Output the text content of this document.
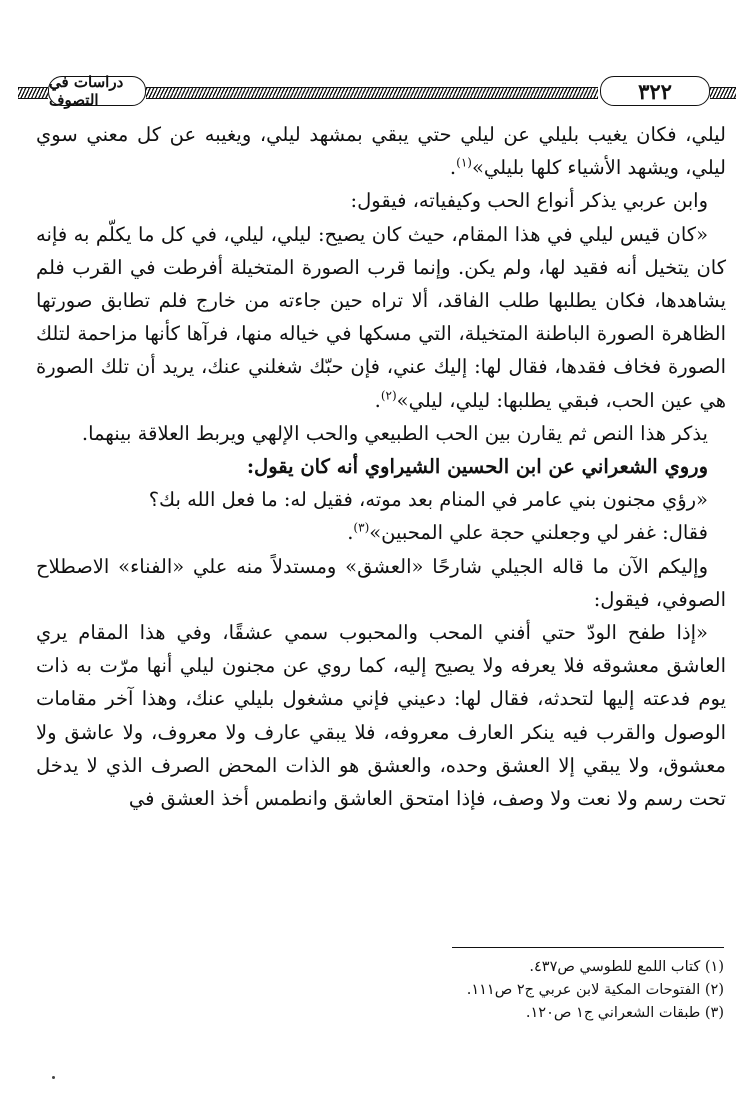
دراسات في التصوف	٣٢٢

ليلي، فكان يغيب بليلي عن ليلي حتي يبقي بمشهد ليلي، ويغيبه عن كل معني سوي ليلي، ويشهد الأشياء كلها بليلي»$^{(١)}$.

وابن عربي يذكر أنواع الحب وكيفياته، فيقول:

«كان قيس ليلي في هذا المقام، حيث كان يصيح: ليلي، ليلي، في كل ما يكلّم به فإنه كان يتخيل أنه فقيد لها، ولم يكن. وإنما قرب الصورة المتخيلة أفرطت في القرب فلم يشاهدها، فكان يطلبها طلب الفاقد، ألا تراه حين جاءته من خارج فلم تطابق صورتها الظاهرة الصورة الباطنة المتخيلة، التي مسكها في خياله منها، فرآها كأنها مزاحمة لتلك الصورة فخاف فقدها، فقال لها: إليك عني، فإن حبّك شغلني عنك، يريد أن تلك الصورة هي عين الحب، فبقي يطلبها: ليلي، ليلي»$^{(٢)}$.

يذكر هذا النص ثم يقارن بين الحب الطبيعي والحب الإلهي ويربط العلاقة بينهما.

وروي الشعراني عن ابن الحسين الشيراوي أنه كان يقول:

«رؤي مجنون بني عامر في المنام بعد موته، فقيل له: ما فعل الله بك؟

فقال: غفر لي وجعلني حجة علي المحبين»$^{(٣)}$.

وإليكم الآن ما قاله الجيلي شارحًا «العشق» ومستدلاً منه علي «الفناء» الاصطلاح الصوفي، فيقول:

«إذا طفح الودّ حتي أفني المحب والمحبوب سمي عشقًا، وفي هذا المقام يري العاشق معشوقه فلا يعرفه ولا يصيح إليه، كما روي عن مجنون ليلي أنها مرّت به ذات يوم فدعته إليها لتحدثه، فقال لها: دعيني فإني مشغول بليلي عنك، وهذا آخر مقامات الوصول والقرب فيه ينكر العارف معروفه، فلا يبقي عارف ولا معروف، ولا عاشق ولا معشوق، ولا يبقي إلا العشق وحده، والعشق هو الذات المحض الصرف الذي لا يدخل تحت رسم ولا نعت ولا وصف، فإذا امتحق العاشق وانطمس أخذ العشق في

(١) كتاب اللمع للطوسي ص٤٣٧.
(٢) الفتوحات المكية لابن عربي ج٢ ص١١١.
(٣) طبقات الشعراني ج١ ص١٢٠.
